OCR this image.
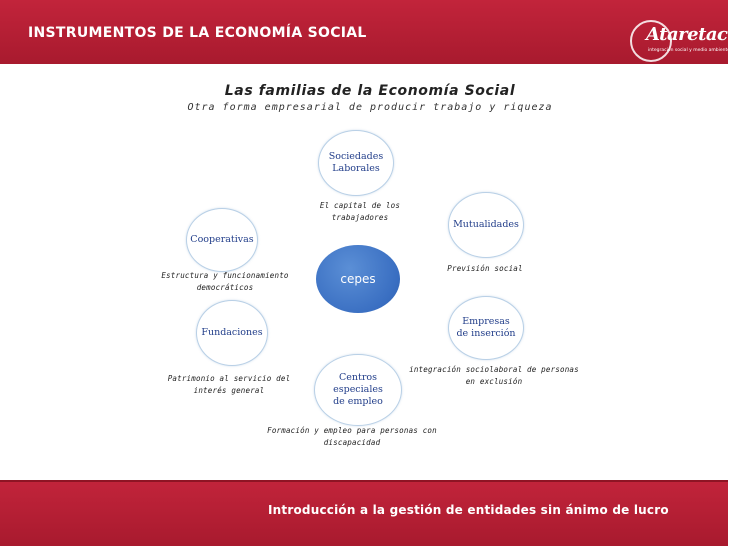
INSTRUMENTOS DE LA ECONOMÍA SOCIAL	Ataretaco
integración social y medio ambiente
Las familias de la Economía Social
Otra forma empresarial de producir trabajo y riqueza
cepes
Sociedades
Laborales
El capital de los trabajadores
Mutualidades
Previsión social
Empresas
de inserción
integración sociolaboral de personas
en exclusión
Centros especiales
de empleo
Formación y empleo para personas con
discapacidad
Fundaciones
Patrimonio al servicio del
interés general
Cooperativas
Estructura y funcionamiento
democráticos
Introducción a la gestión de entidades sin ánimo de lucro
